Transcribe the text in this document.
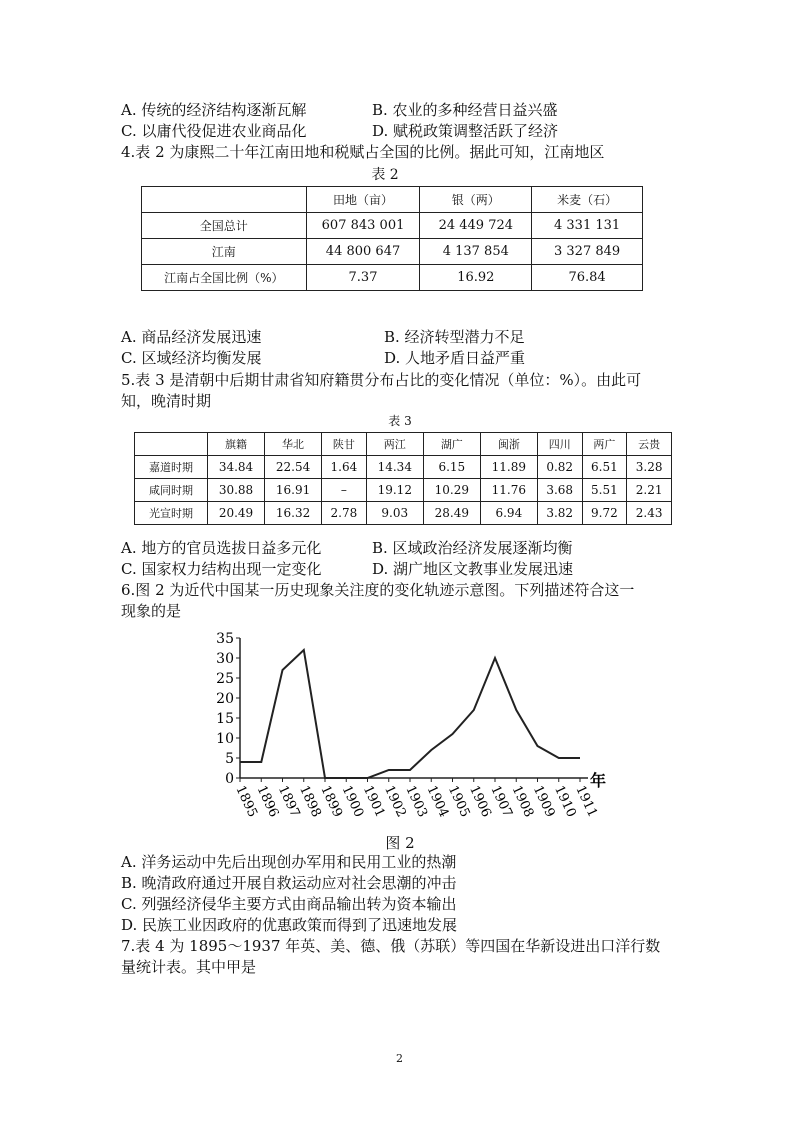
A. 传统的经济结构逐渐瓦解	B. 农业的多种经营日益兴盛
C. 以庸代役促进农业商品化	D. 赋税政策调整活跃了经济
4.表 2 为康熙二十年江南田地和税赋占全国的比例。据此可知，江南地区
表 2
	田地（亩）	银（两）	米麦（石）
全国总计	607 843 001	24 449 724	4 331 131
江南	44 800 647	4 137 854	3 327 849
江南占全国比例（%）	7.37	16.92	76.84
A. 商品经济发展迅速	B. 经济转型潜力不足
C. 区域经济均衡发展	D. 人地矛盾日益严重
5.表 3 是清朝中后期甘肃省知府籍贯分布占比的变化情况（单位：%）。由此可
知，晚清时期
表 3
	旗籍	华北	陕甘	两江	湖广	闽浙	四川	两广	云贵
嘉道时期	34.84	22.54	1.64	14.34	6.15	11.89	0.82	6.51	3.28
咸同时期	30.88	16.91	–	19.12	10.29	11.76	3.68	5.51	2.21
光宣时期	20.49	16.32	2.78	9.03	28.49	6.94	3.82	9.72	2.43
A. 地方的官员选拔日益多元化	B. 区域政治经济发展逐渐均衡
C. 国家权力结构出现一定变化	D. 湖广地区文教事业发展迅速
6.图 2 为近代中国某一历史现象关注度的变化轨迹示意图。下列描述符合这一
现象的是
0
5
10
15
20
25
30
35
1895
1896
1897
1898
1899
1900
1901
1902
1903
1904
1905
1906
1907
1908
1909
1910
1911
年
图 2
A. 洋务运动中先后出现创办军用和民用工业的热潮
B. 晚清政府通过开展自救运动应对社会思潮的冲击
C. 列强经济侵华主要方式由商品输出转为资本输出
D. 民族工业因政府的优惠政策而得到了迅速地发展
7.表 4 为 1895～1937 年英、美、德、俄（苏联）等四国在华新设进出口洋行数
量统计表。其中甲是
2
